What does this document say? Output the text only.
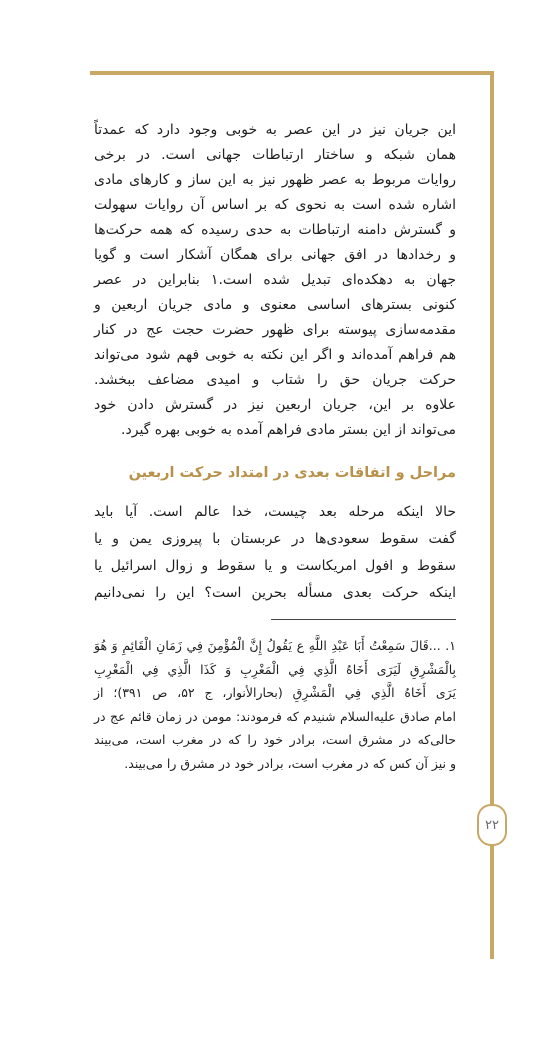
۲۲
این جریان نیز در این عصر به خوبی وجود دارد که عمدتاً
همان شبکه و ساختار ارتباطات جهانی است. در برخی
روایات مربوط به عصر ظهور نیز به این ساز و کارهای مادی
اشاره شده است به نحوی که بر اساس آن روایات سهولت
و گسترش دامنه ارتباطات به حدی رسیده که همه حرکت‌ها
و رخدادها در افق جهانی برای همگان آشکار است و گویا
جهان به دهکده‌ای تبدیل شده است.۱ بنابراین در عصر
کنونی بسترهای اساسی معنوی و مادی جریان اربعین و
مقدمه‌سازی پیوسته برای ظهور حضرت حجت عج در کنار
هم فراهم آمده‌اند و اگر این نکته به خوبی فهم شود می‌تواند
حرکت جریان حق را شتاب و امیدی مضاعف ببخشد.
علاوه بر این، جریان اربعین نیز در گسترش دادن خود
می‌تواند از این بستر مادی فراهم آمده به خوبی بهره گیرد.
مراحل و اتفاقات بعدی در امتداد حرکت اربعین
حالا اینکه مرحله بعد چیست، خدا عالم است. آیا باید
گفت سقوط سعودی‌ها در عربستان با پیروزی یمن و یا
سقوط و افول امریکاست و یا سقوط و زوال اسرائیل یا
اینکه حرکت بعدی مسأله بحرین است؟ این را نمی‌دانیم
۱. ...قَالَ سَمِعْتُ أَبَا عَبْدِ اللَّهِ ع يَقُولُ إِنَّ الْمُؤْمِنَ فِي زَمَانِ الْقَائِمِ وَ هُوَ
بِالْمَشْرِقِ لَيَرَى أَخَاهُ الَّذِي فِي الْمَغْرِبِ وَ كَذَا الَّذِي فِي الْمَغْرِبِ
يَرَى أَخَاهُ الَّذِي فِي الْمَشْرِقِ (بحارالأنوار، ج ۵۲، ص ۳۹۱)؛ از
امام صادق علیه‌السلام شنیدم که فرمودند: مومن در زمان قائم عج در
حالی‌که در مشرق است، برادر خود را که در مغرب است، می‌بیند
و نیز آن کس که در مغرب است، برادر خود در مشرق را می‌بیند.
